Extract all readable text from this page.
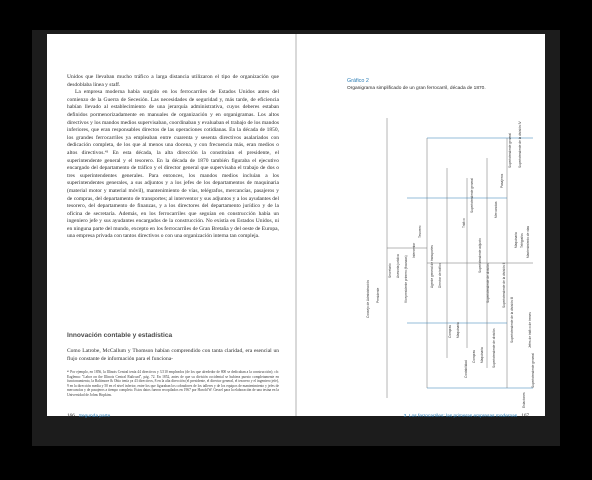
Unidos que llevaban mucho tráfico a larga distancia utilizaron el tipo de organización que desdoblaba línea y staff.

La empresa moderna había surgido en los ferrocarriles de Estados Unidos antes del comienzo de la Guerra de Secesión. Las necesidades de seguridad y, más tarde, de eficiencia habían llevado al establecimiento de una jerarquía administrativa, cuyos deberes estaban definidos pormenorizadamente en manuales de organización y en organigramas. Los altos directivos y los mandos medios supervisaban, coordinaban y evaluaban el trabajo de los mandos inferiores, que eran responsables directos de las operaciones cotidianas. En la década de 1850, los grandes ferrocarriles ya empleaban entre cuarenta y sesenta directivos asalariados con dedicación completa, de los que al menos una docena, y con frecuencia más, eran medios o altos directivos.⁴¹ En esta década, la alta dirección la constituían el presidente, el superintendente general y el tesorero. En la década de 1870 también figuraba el ejecutivo encargado del departamento de tráfico y el director general que supervisaba el trabajo de dos o tres superintendentes generales. Para entonces, los mandos medios incluían a los superintendentes generales, a sus adjuntos y a los jefes de los departamentos de maquinaria (material motor y material móvil), mantenimiento de vías, telégrafos, mercancías, pasajeros y de compras, del departamento de transportes; al interventor y sus adjuntos y a los ayudantes del tesorero, del departamento de finanzas, y a los directores del departamento jurídico y de la oficina de secretaría. Además, en los ferrocarriles que seguían en construcción había un ingeniero jefe y sus ayudantes encargados de la construcción. No existía en Estados Unidos, ni en ninguna parte del mundo, excepto en los ferrocarriles de Gran Bretaña y del oeste de Europa, una empresa privada con tantos directivos o con una organización interna tan compleja.

Innovación contable y estadística

Como Latrobe, McCallum y Thomson habían comprendido con tanta claridad, era esencial un flujo constante de información para el funciona-

⁴¹ Por ejemplo, en 1856, la Illinois Central tenía 44 directivos y 3.510 empleados (de los que alrededor de 800 se dedicaban a la construcción); cfr. Eaglema: "Labor on the Illinois Central Railroad", pág. 72. En 1852, antes de que su división occidental se hubiera puesto completamente en funcionamiento, la Baltimore & Ohio tenía ya 43 directivos, 8 en la alta dirección (el presidente, el director general, el tesorero y el ingeniero jefe), 9 en la dirección media y 50 en el nivel inferior, entre los que figuraban los cobradores de los talleres y de los equipos de mantenimiento y jefes de mercancías y de pasajeros a tiempo completo. Estos datos fueron recopilados en 1967 por Harold W. Gessel para la elaboración de una tesina en la Universidad de Johns Hopkins.

166 Segunda parte

Gráfico 2

Organigrama simplificado de un gran ferrocarril, década de 1870.

Consejo de Administración Presidente
Secretario Asesoría jurídica Vicepresidente primero (finanzas)
Interventor
Tesorero
Agente general de transportes Director de tráfico
Compras Maquinaria
Tráfico
Superintendente general
Superintendente adjunto
Superintendente de división
Mercancías
Pasajeros
Superintendente general
Maquinaria Telégrafos Mantenimiento de vías
Superintendente general
Superintendente de división
Superintendente de la división II
Superintendente de la división III
Superintendente de la división IV
Contabilidad
Compras Maquinaria
Estaciones
Jefes de tráfico de trenes
3. Los ferrocarriles: las primeras empresas modernas 167
